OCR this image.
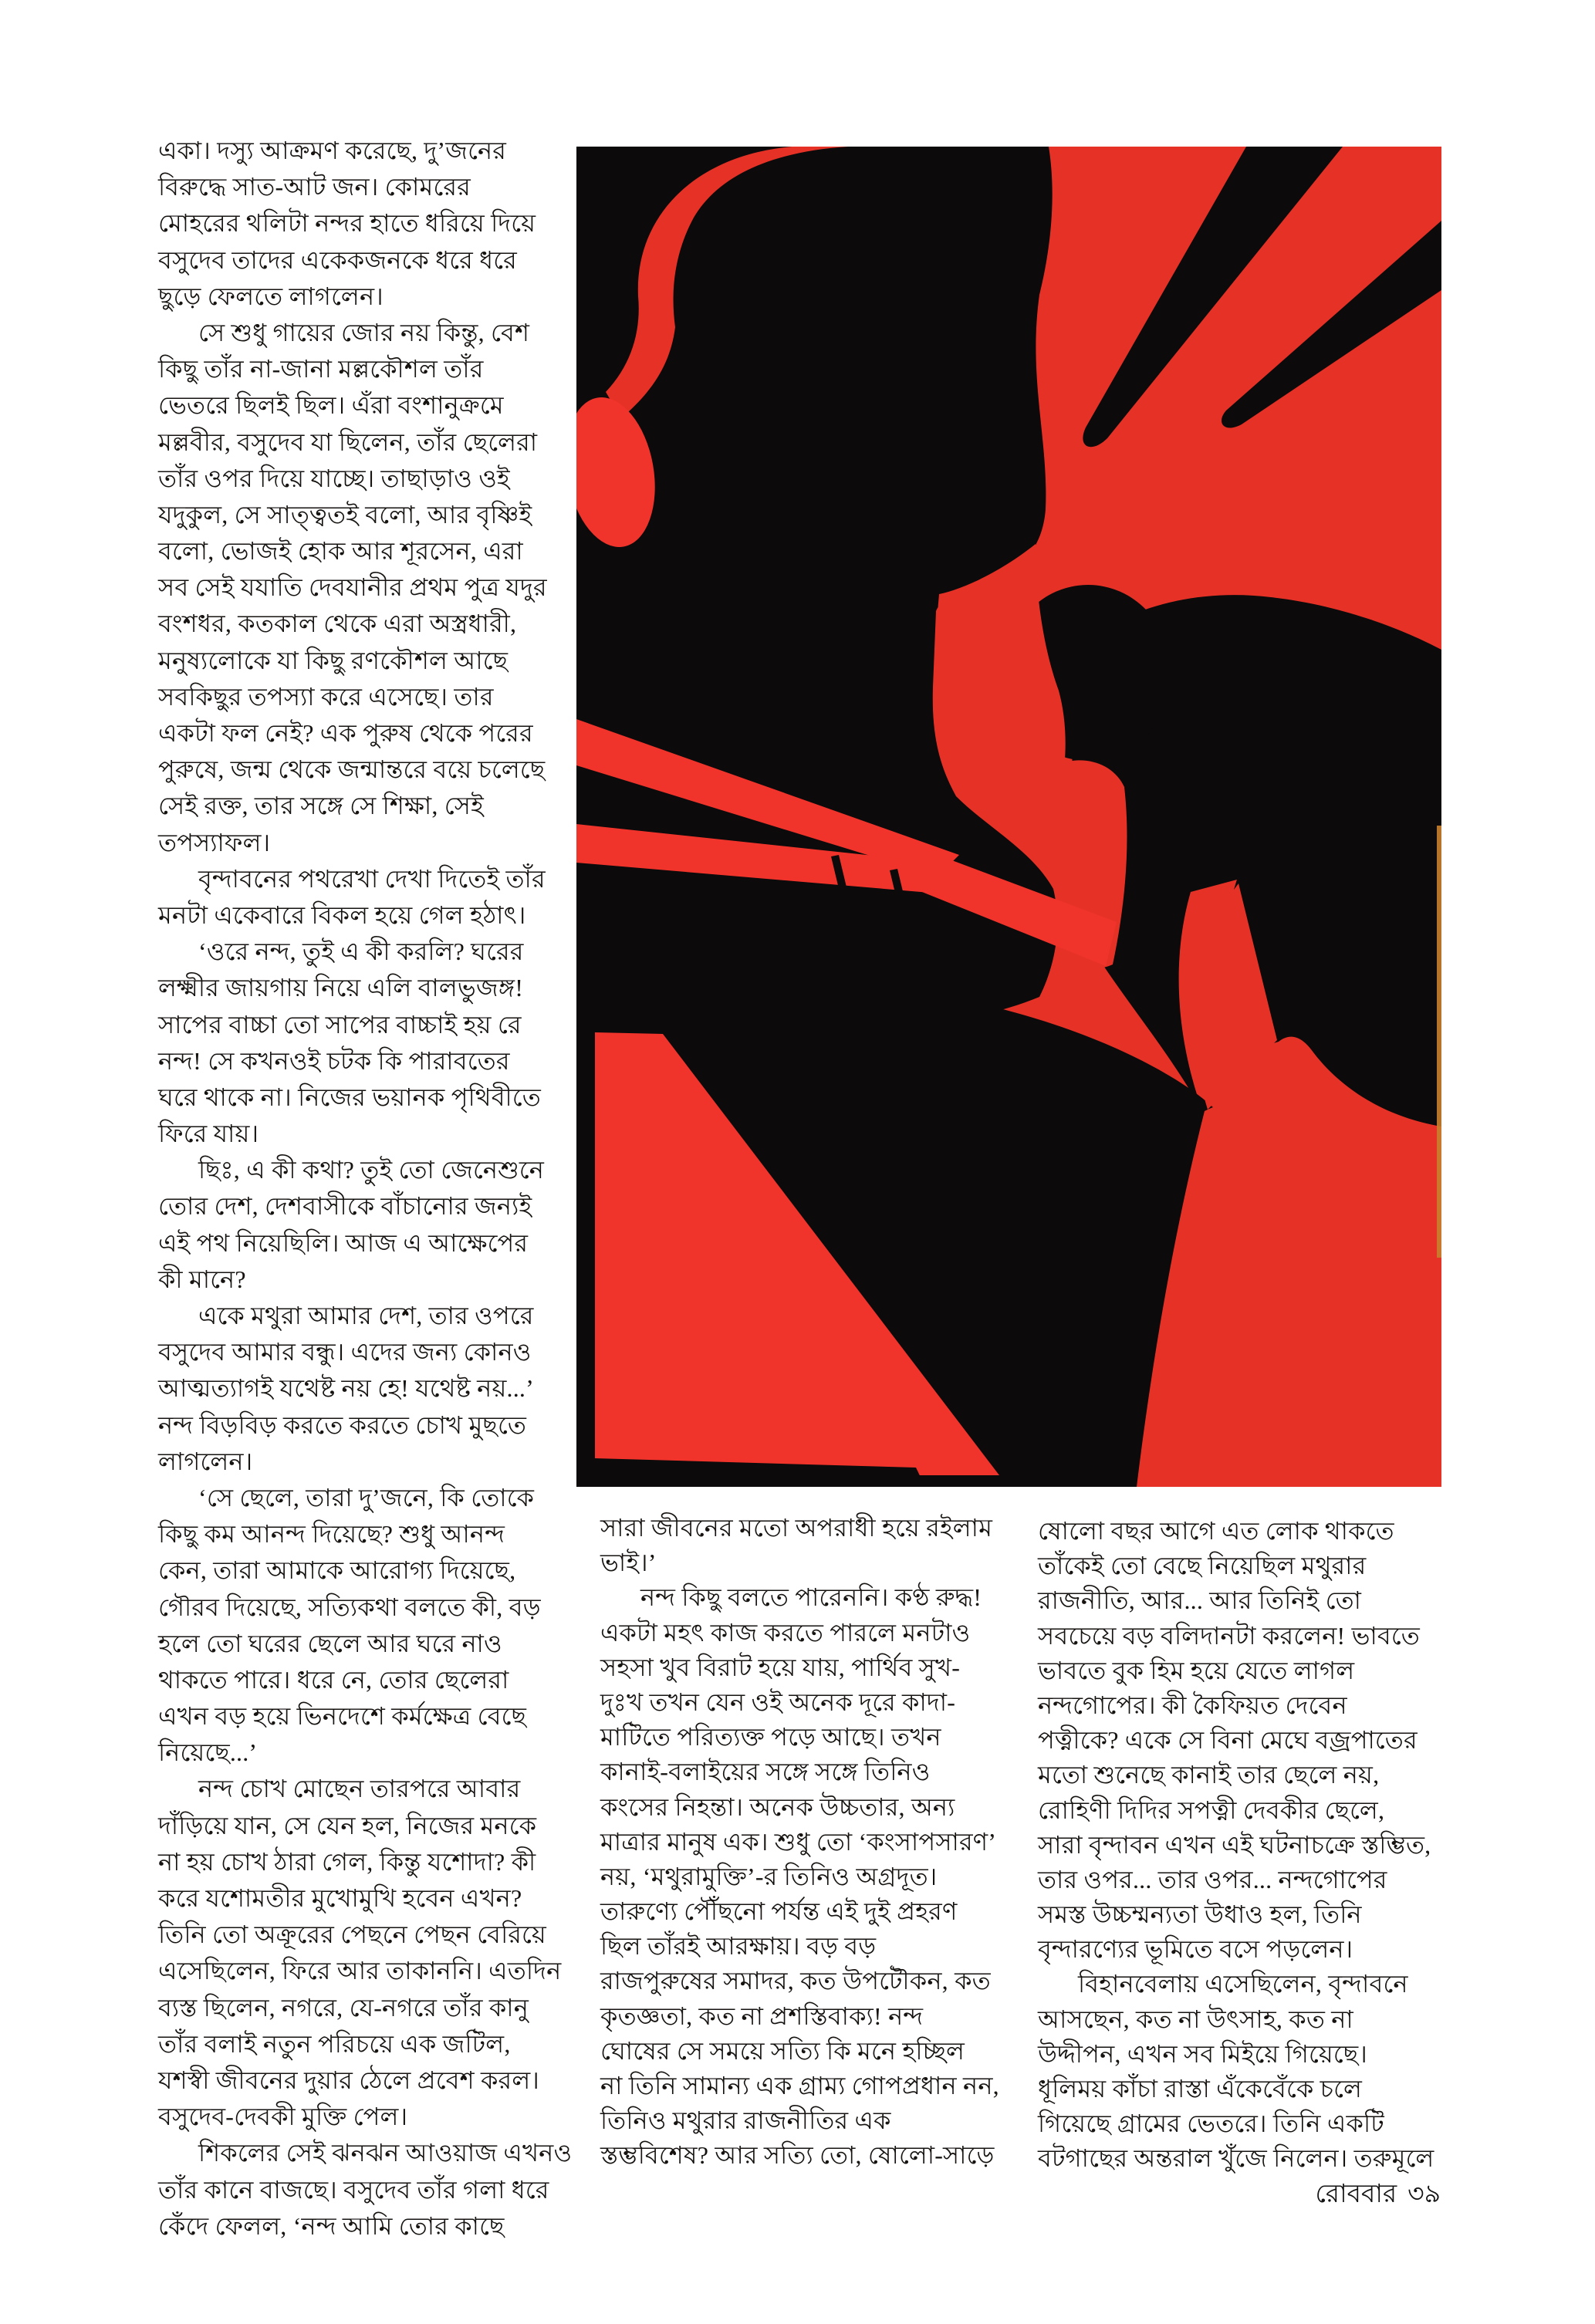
একা। দস্যু আক্রমণ করেছে, দু’জনের
বিরুদ্ধে সাত-আট জন। কোমরের
মোহরের থলিটা নন্দর হাতে ধরিয়ে দিয়ে
বসুদেব তাদের একেকজনকে ধরে ধরে
ছুড়ে ফেলতে লাগলেন।
সে শুধু গায়ের জোর নয় কিন্তু, বেশ
কিছু তাঁর না-জানা মল্লকৌশল তাঁর
ভেতরে ছিলই ছিল। এঁরা বংশানুক্রমে
মল্লবীর, বসুদেব যা ছিলেন, তাঁর ছেলেরা
তাঁর ওপর দিয়ে যাচ্ছে। তাছাড়াও ওই
যদুকুল, সে সাত্ত্বতই বলো, আর বৃষ্ণিই
বলো, ভোজই হোক আর শূরসেন, এরা
সব সেই যযাতি দেবযানীর প্রথম পুত্র যদুর
বংশধর, কতকাল থেকে এরা অস্ত্রধারী,
মনুষ্যলোকে যা কিছু রণকৌশল আছে
সবকিছুর তপস্যা করে এসেছে। তার
একটা ফল নেই? এক পুরুষ থেকে পরের
পুরুষে, জন্ম থেকে জন্মান্তরে বয়ে চলেছে
সেই রক্ত, তার সঙ্গে সে শিক্ষা, সেই
তপস্যাফল।
বৃন্দাবনের পথরেখা দেখা দিতেই তাঁর
মনটা একেবারে বিকল হয়ে গেল হঠাৎ।
‘ওরে নন্দ, তুই এ কী করলি? ঘরের
লক্ষ্মীর জায়গায় নিয়ে এলি বালভুজঙ্গ!
সাপের বাচ্চা তো সাপের বাচ্চাই হয় রে
নন্দ! সে কখনওই চটক কি পারাবতের
ঘরে থাকে না। নিজের ভয়ানক পৃথিবীতে
ফিরে যায়।
ছিঃ, এ কী কথা? তুই তো জেনেশুনে
তোর দেশ, দেশবাসীকে বাঁচানোর জন্যই
এই পথ নিয়েছিলি। আজ এ আক্ষেপের
কী মানে?
একে মথুরা আমার দেশ, তার ওপরে
বসুদেব আমার বন্ধু। এদের জন্য কোনও
আত্মত্যাগই যথেষ্ট নয় হে! যথেষ্ট নয়...’
নন্দ বিড়বিড় করতে করতে চোখ মুছতে
লাগলেন।
‘সে ছেলে, তারা দু’জনে, কি তোকে
কিছু কম আনন্দ দিয়েছে? শুধু আনন্দ
কেন, তারা আমাকে আরোগ্য দিয়েছে,
গৌরব দিয়েছে, সত্যিকথা বলতে কী, বড়
হলে তো ঘরের ছেলে আর ঘরে নাও
থাকতে পারে। ধরে নে, তোর ছেলেরা
এখন বড় হয়ে ভিনদেশে কর্মক্ষেত্র বেছে
নিয়েছে...’
নন্দ চোখ মোছেন তারপরে আবার
দাঁড়িয়ে যান, সে যেন হল, নিজের মনকে
না হয় চোখ ঠারা গেল, কিন্তু যশোদা? কী
করে যশোমতীর মুখোমুখি হবেন এখন?
তিনি তো অক্রূরের পেছনে পেছন বেরিয়ে
এসেছিলেন, ফিরে আর তাকাননি। এতদিন
ব্যস্ত ছিলেন, নগরে, যে-নগরে তাঁর কানু
তাঁর বলাই নতুন পরিচয়ে এক জটিল,
যশস্বী জীবনের দুয়ার ঠেলে প্রবেশ করল।
বসুদেব-দেবকী মুক্তি পেল।
শিকলের সেই ঝনঝন আওয়াজ এখনও
তাঁর কানে বাজছে। বসুদেব তাঁর গলা ধরে
কেঁদে ফেলল, ‘নন্দ আমি তোর কাছে
সারা জীবনের মতো অপরাধী হয়ে রইলাম
ভাই।’
নন্দ কিছু বলতে পারেননি। কণ্ঠ রুদ্ধ!
একটা মহৎ কাজ করতে পারলে মনটাও
সহসা খুব বিরাট হয়ে যায়, পার্থিব সুখ-
দুঃখ তখন যেন ওই অনেক দূরে কাদা-
মাটিতে পরিত্যক্ত পড়ে আছে। তখন
কানাই-বলাইয়ের সঙ্গে সঙ্গে তিনিও
কংসের নিহন্তা। অনেক উচ্চতার, অন্য
মাত্রার মানুষ এক। শুধু তো ‘কংসাপসারণ’
নয়, ‘মথুরামুক্তি’-র তিনিও অগ্রদূত।
তারুণ্যে পৌঁছনো পর্যন্ত এই দুই প্রহরণ
ছিল তাঁরই আরক্ষায়। বড় বড়
রাজপুরুষের সমাদর, কত উপটৌকন, কত
কৃতজ্ঞতা, কত না প্রশস্তিবাক্য! নন্দ
ঘোষের সে সময়ে সত্যি কি মনে হচ্ছিল
না তিনি সামান্য এক গ্রাম্য গোপপ্রধান নন,
তিনিও মথুরার রাজনীতির এক
স্তম্ভবিশেষ? আর সত্যি তো, ষোলো-সাড়ে
ষোলো বছর আগে এত লোক থাকতে
তাঁকেই তো বেছে নিয়েছিল মথুরার
রাজনীতি, আর... আর তিনিই তো
সবচেয়ে বড় বলিদানটা করলেন! ভাবতে
ভাবতে বুক হিম হয়ে যেতে লাগল
নন্দগোপের। কী কৈফিয়ত দেবেন
পত্নীকে? একে সে বিনা মেঘে বজ্রপাতের
মতো শুনেছে কানাই তার ছেলে নয়,
রোহিণী দিদির সপত্নী দেবকীর ছেলে,
সারা বৃন্দাবন এখন এই ঘটনাচক্রে স্তম্ভিত,
তার ওপর... তার ওপর... নন্দগোপের
সমস্ত উচ্চম্মন্যতা উধাও হল, তিনি
বৃন্দারণ্যের ভূমিতে বসে পড়লেন।
বিহানবেলায় এসেছিলেন, বৃন্দাবনে
আসছেন, কত না উৎসাহ, কত না
উদ্দীপন, এখন সব মিইয়ে গিয়েছে।
ধূলিময় কাঁচা রাস্তা এঁকেবেঁকে চলে
গিয়েছে গ্রামের ভেতরে। তিনি একটি
বটগাছের অন্তরাল খুঁজে নিলেন। তরুমূলে
রোববার ৩৯
